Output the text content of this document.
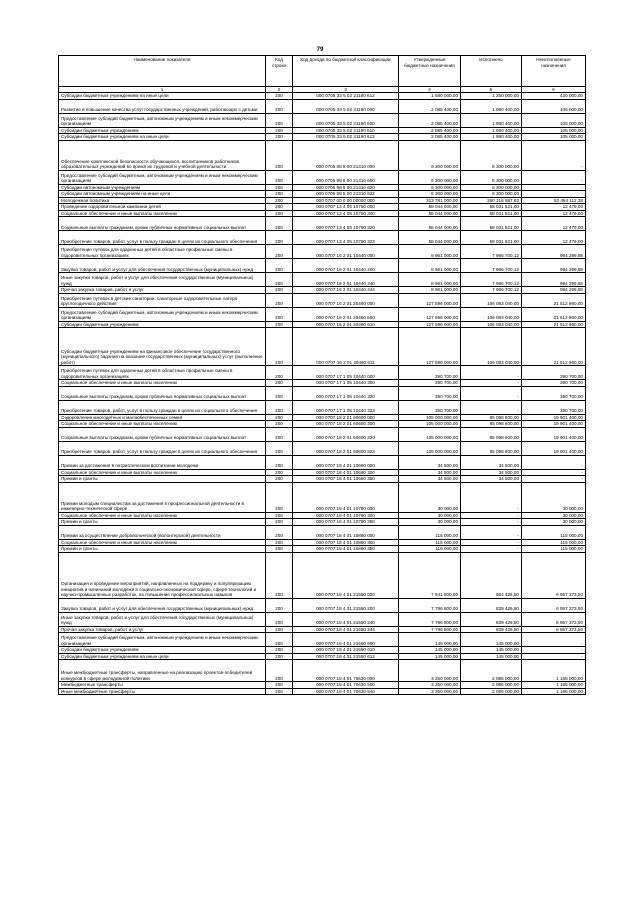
79
Наименование показателя	Код строки	Код дохода по бюджетной классификации	Утвержденные бюджетные назначения	Исполнено	Неисполненные назначения
1	2	3	4	5	6
Субсидии бюджетным учреждениям на иные цели	200	000 0705 33 5 02 21180 612	1 680 000,00	1 250 000,00	430 000,00
Развитие и повышение качества услуг государственных учреждений, работающих с детьми	200	000 0705 33 5 02 21190 000	2 085 400,00	1 980 400,00	105 000,00
Предоставление субсидий бюджетным, автономным учреждениям и иным некоммерческим организациям	200	000 0705 33 5 02 21190 600	2 085 400,00	1 980 400,00	105 000,00
Субсидии бюджетным учреждениям	200	000 0705 33 5 02 21190 610	2 085 400,00	1 980 400,00	105 000,00
Субсидии бюджетным учреждениям на иные цели	200	000 0705 33 5 02 21190 612	2 085 400,00	1 980 400,00	105 000,00
Обеспечение комплексной безопасности обучающихся, воспитанников работников образовательных учреждений во время их трудовой и учебной деятельности	200	000 0705 99 5 00 21310 000	6 300 000,00	6 300 000,00	-
Предоставление субсидий бюджетным, автономным учреждениям и иным некоммерческим организациям	200	000 0705 99 5 00 21310 600	6 300 000,00	6 300 000,00	-
Субсидии автономным учреждениям	200	000 0705 99 5 00 21310 620	6 300 000,00	6 300 000,00	-
Субсидии автономным учреждениям на иные цели	200	000 0705 99 5 00 21310 622	6 300 000,00	6 300 000,00	-
Молодежная политика	200	000 0707 00 0 00 00000 000	313 781 000,00	260 316 887,62	53 464 112,38
Проведение оздоровительной кампании детей	200	000 0707 13 4 05 10750 000	58 044 000,00	58 031 521,00	12 479,00
Социальное обеспечение и иные выплаты населению	200	000 0707 13 4 05 10750 300	58 044 000,00	58 031 521,00	12 479,00
Социальные выплаты гражданам, кроме публичных нормативных социальных выплат	200	000 0707 13 4 05 10750 320	58 044 000,00	58 031 521,00	12 479,00
Приобретение товаров, работ, услуг в пользу граждан в целях их социального обеспечения	200	000 0707 13 4 05 10750 323	58 044 000,00	58 031 521,00	12 479,00
Приобретение путевок для одаренных детей в областные профильные смены в оздоровительных организациях	200	000 0707 16 2 01 10440 000	8 961 000,00	7 966 700,12	994 299,88
Закупка товаров, работ и услуг для обеспечения государственных (муниципальных) нужд	200	000 0707 16 2 01 10440 200	8 961 000,00	7 966 700,12	994 299,88
Иные закупки товаров, работ и услуг для обеспечения государственных (муниципальных) нужд	200	000 0707 16 2 01 10440 240	8 961 000,00	7 966 700,12	994 299,88
Прочая закупка товаров, работ и услуг	200	000 0707 16 2 01 10440 244	8 961 000,00	7 966 700,12	994 299,88
Приобретение путевок в детские санатории, санаторные оздоровительные лагеря круглогодичного действия	200	000 0707 16 2 01 20460 000	127 596 000,00	106 083 040,00	21 512 960,00
Предоставление субсидий бюджетным, автономным учреждениям и иным некоммерческим организациям	200	000 0707 16 2 01 20460 600	127 596 000,00	106 083 040,00	21 512 960,00
Субсидии бюджетным учреждениям	200	000 0707 16 2 01 20460 610	127 596 000,00	106 083 040,00	21 512 960,00
Субсидии бюджетным учреждениям на финансовое обеспечение государственного (муниципального) задания на оказание государственных (муниципальных) услуг (выполнение работ)	200	000 0707 16 2 01 20460 611	127 596 000,00	106 083 040,00	21 512 960,00
Приобретение путевок для одаренных детей в областные профильные смены в оздоровительных организациях	200	000 0707 17 1 05 10440 000	390 700,00	-	390 700,00
Социальное обеспечение и иные выплаты населению	200	000 0707 17 1 05 10440 300	390 700,00	-	390 700,00
Социальные выплаты гражданам, кроме публичных нормативных социальных выплат	200	000 0707 17 1 05 10440 320	390 700,00	-	390 700,00
Приобретение товаров, работ, услуг в пользу граждан в целях их социального обеспечения	200	000 0707 17 1 05 10440 323	390 700,00	-	390 700,00
Оздоровление многодетных и малообеспеченных семей	200	000 0707 18 2 01 60600 000	105 000 000,00	85 098 600,00	19 901 400,00
Социальное обеспечение и иные выплаты населению	200	000 0707 18 2 01 60600 300	105 000 000,00	85 098 600,00	19 901 400,00
Социальные выплаты гражданам, кроме публичных нормативных социальных выплат	200	000 0707 18 2 01 60600 320	105 000 000,00	85 098 600,00	19 901 400,00
Приобретение товаров, работ, услуг в пользу граждан в целях их социального обеспечения	200	000 0707 18 2 01 60600 323	105 000 000,00	85 098 600,00	19 901 400,00
Премии за достижения в патриотическом воспитании молодежи	200	000 0707 18 4 01 10660 000	34 500,00	34 500,00	-
Социальное обеспечение и иные выплаты населению	200	000 0707 18 4 01 10660 300	34 500,00	34 500,00	-
Премии и гранты	200	000 0707 18 4 01 10660 350	34 500,00	34 500,00	-
Премии молодым специалистам за достижения в профессиональной деятельности в инженерно-технической сфере	200	000 0707 18 4 01 10780 000	30 000,00	-	30 000,00
Социальное обеспечение и иные выплаты населению	200	000 0707 18 4 01 10780 300	30 000,00	-	30 000,00
Премии и гранты	200	000 0707 18 4 01 10780 350	30 000,00	-	30 000,00
Премии за осуществление добровольческой (волонтерской) деятельности	200	000 0707 18 4 01 10860 000	115 000,00	-	115 000,00
Социальное обеспечение и иные выплаты населению	200	000 0707 18 4 01 10860 300	115 000,00	-	115 000,00
Премии и гранты	200	000 0707 18 4 01 10860 350	115 000,00	-	115 000,00
Организация и проведение мероприятий, направленных на поддержку и популяризацию инициатив и начинаний молодежи в социально-экономической сфере, сфере технологий и научно-промышленных разработок, на повышение профессиональных навыков	200	000 0707 18 4 01 21550 000	7 941 800,00	984 426,50	6 957 373,50
Закупка товаров, работ и услуг для обеспечения государственных (муниципальных) нужд	200	000 0707 18 4 01 21550 200	7 796 800,00	839 426,50	6 957 373,50
Иные закупки товаров, работ и услуг для обеспечения государственных (муниципальных) нужд	200	000 0707 18 4 01 21550 240	7 796 800,00	839 426,50	6 957 373,50
Прочая закупка товаров, работ и услуг	200	000 0707 18 4 01 21550 244	7 796 800,00	839 426,50	6 957 373,50
Предоставление субсидий бюджетным, автономным учреждениям и иным некоммерческим организациям	200	000 0707 18 4 01 21550 600	145 000,00	145 000,00	-
Субсидии бюджетным учреждениям	200	000 0707 18 4 01 21550 610	145 000,00	145 000,00	-
Субсидии бюджетным учреждениям на иные цели	200	000 0707 18 4 01 21550 612	145 000,00	145 000,00	-
Иные межбюджетные трансферты, направленные на реализацию проектов-победителей конкурсов в сфере молодежной политики	200	000 0707 18 4 01 70630 000	3 250 000,00	2 085 000,00	1 165 000,00
Межбюджетные трансферты	200	000 0707 18 4 01 70630 500	3 250 000,00	2 085 000,00	1 165 000,00
Иные межбюджетные трансферты	200	000 0707 18 4 01 70630 540	3 250 000,00	2 085 000,00	1 165 000,00
